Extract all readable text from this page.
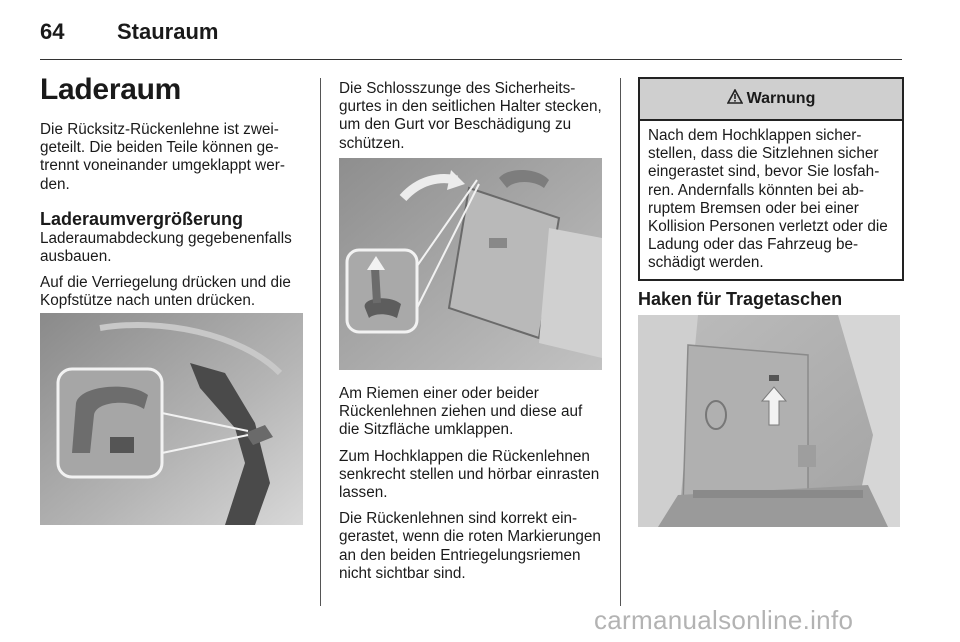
64 Stauraum
Laderaum

Die Rücksitz-Rückenlehne ist zweigeteilt. Die beiden Teile können getrennt voneinander umgeklappt werden.

Laderaumvergrößerung

Laderaumabdeckung gegebenenfalls ausbauen.

Auf die Verriegelung drücken und die Kopfstütze nach unten drücken.

Die Schlosszunge des Sicherheitsgurtes in den seitlichen Halter stecken, um den Gurt vor Beschädigung zu schützen.

Am Riemen einer oder beider Rückenlehnen ziehen und diese auf die Sitzfläche umklappen.

Zum Hochklappen die Rückenlehnen senkrecht stellen und hörbar einrasten lassen.

Die Rückenlehnen sind korrekt eingerastet, wenn die roten Markierungen an den beiden Entriegelungsriemen nicht sichtbar sind.

Warnung
Nach dem Hochklappen sicherstellen, dass die Sitzlehnen sicher eingerastet sind, bevor Sie losfahren. Andernfalls könnten bei abruptem Bremsen oder bei einer Kollision Personen verletzt oder die Ladung oder das Fahrzeug beschädigt werden.
Haken für Tragetaschen
carmanualsonline.info
